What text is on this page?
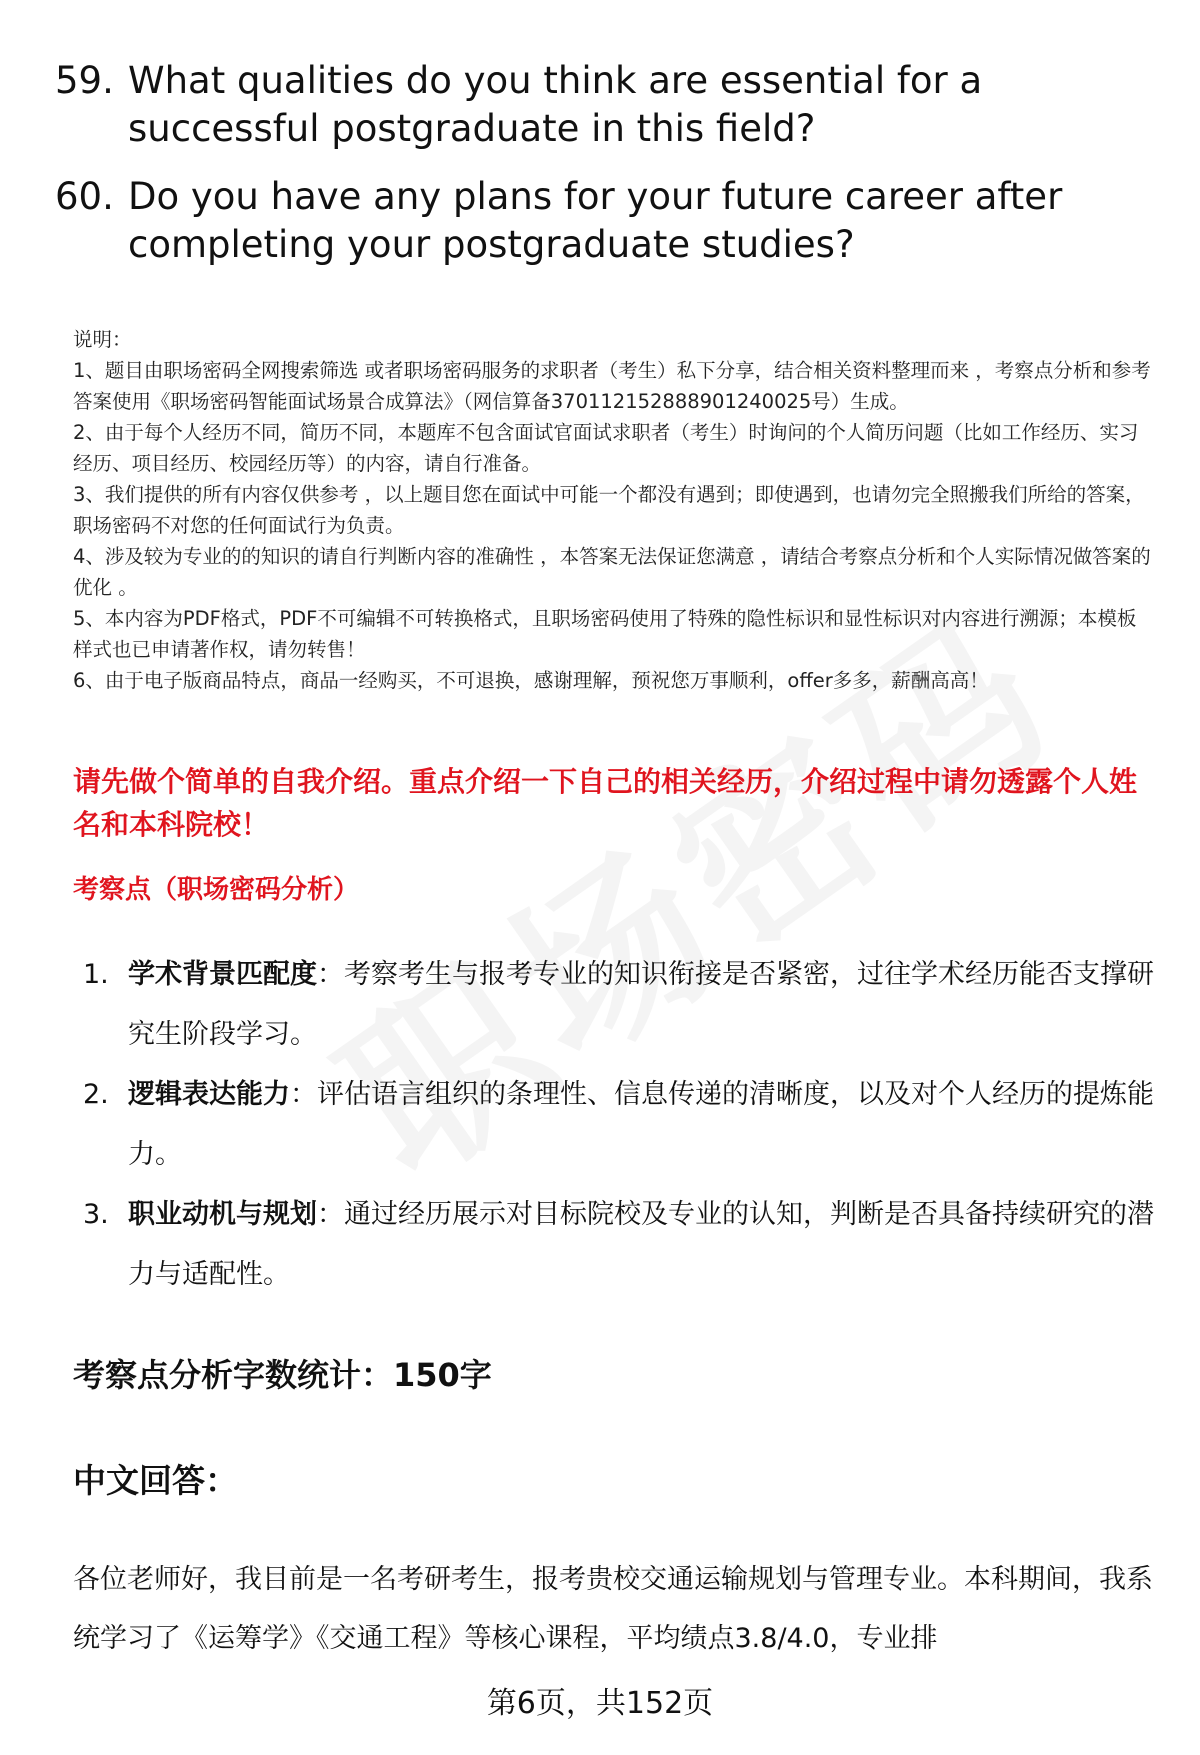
59. What qualities do you think are essential for a successful postgraduate in this field?
60. Do you have any plans for your future career after completing your postgraduate studies?

说明：

1、题目由职场密码全网搜索筛选 或者职场密码服务的求职者（考生）私下分享，结合相关资料整理而来 ，考察点分析和参考答案使用《职场密码智能面试场景合成算法》（网信算备370112152888901240025号）生成。

2、由于每个人经历不同，简历不同，本题库不包含面试官面试求职者（考生）时询问的个人简历问题（比如工作经历、实习经历、项目经历、校园经历等）的内容，请自行准备。

3、我们提供的所有内容仅供参考 ，以上题目您在面试中可能一个都没有遇到；即使遇到，也请勿完全照搬我们所给的答案，职场密码不对您的任何面试行为负责。

4、涉及较为专业的的知识的请自行判断内容的准确性 ，本答案无法保证您满意 ，请结合考察点分析和个人实际情况做答案的优化 。

5、本内容为PDF格式，PDF不可编辑不可转换格式，且职场密码使用了特殊的隐性标识和显性标识对内容进行溯源；本模板样式也已申请著作权，请勿转售！

6、由于电子版商品特点，商品一经购买，不可退换，感谢理解，预祝您万事顺利，offer多多，薪酬高高！

请先做个简单的自我介绍。重点介绍一下自己的相关经历，介绍过程中请勿透露个人姓名和本科院校！
考察点（职场密码分析）
1. 学术背景匹配度：考察考生与报考专业的知识衔接是否紧密，过往学术经历能否支撑研究生阶段学习。
2. 逻辑表达能力：评估语言组织的条理性、信息传递的清晰度，以及对个人经历的提炼能力。
3. 职业动机与规划：通过经历展示对目标院校及专业的认知，判断是否具备持续研究的潜力与适配性。
考察点分析字数统计：150字
中文回答：
各位老师好，我目前是一名考研考生，报考贵校交通运输规划与管理专业。本科期间，我系统学习了《运筹学》《交通工程》等核心课程，平均绩点3.8/4.0，专业排
第6页，共152页
